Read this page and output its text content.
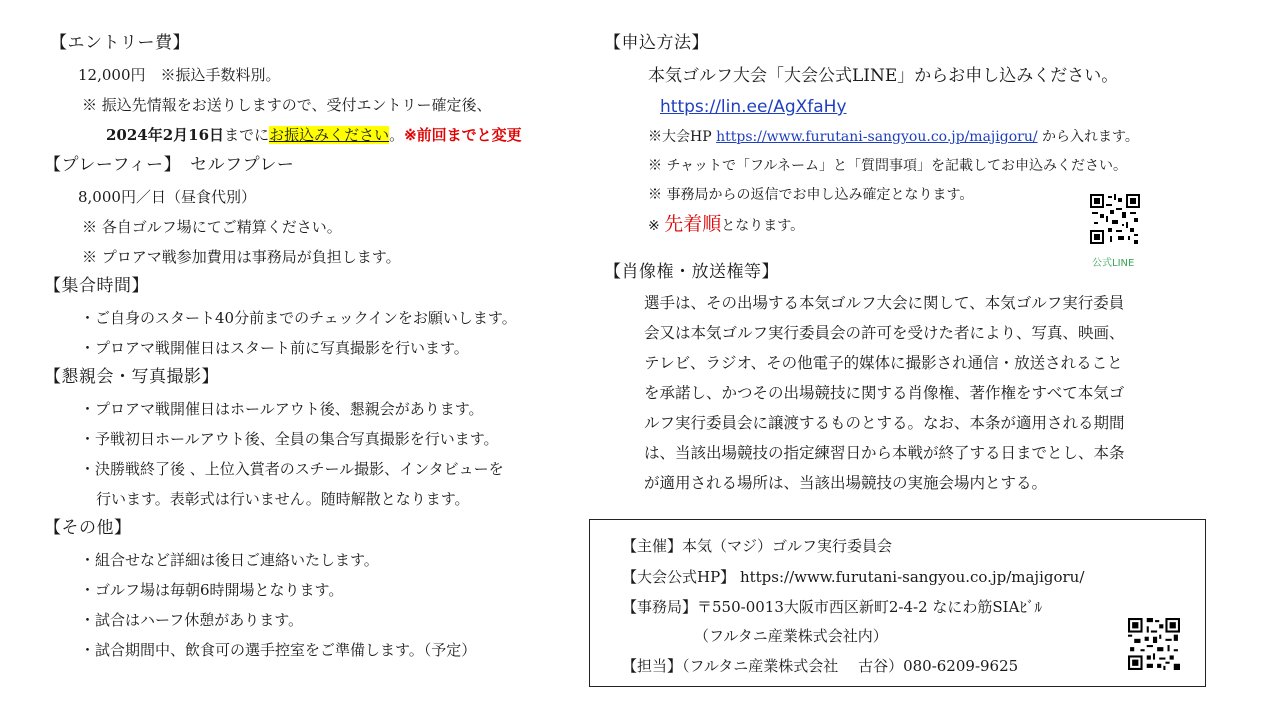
【エントリー費】
12,000円　※振込手数料別。
※ 振込先情報をお送りしますので、受付エントリー確定後、
2024年2月16日までにお振込みください。※前回までと変更
【プレーフィー】　セルフプレー
8,000円／日（昼食代別）
※ 各自ゴルフ場にてご精算ください。
※ プロアマ戦参加費用は事務局が負担します。
【集合時間】
・ご自身のスタート40分前までのチェックインをお願いします。
・プロアマ戦開催日はスタート前に写真撮影を行います。
【懇親会・写真撮影】
・プロアマ戦開催日はホールアウト後、懇親会があります。
・予戦初日ホールアウト後、全員の集合写真撮影を行います。
・決勝戦終了後 、上位入賞者のスチール撮影、インタビューを
行います。表彰式は行いません。随時解散となります。
【その他】
・組合せなど詳細は後日ご連絡いたします。
・ゴルフ場は毎朝6時開場となります。
・試合はハーフ休憩があります。
・試合期間中、飲食可の選手控室をご準備します。（予定）
【申込方法】
本気ゴルフ大会「大会公式LINE」からお申し込みください。
https://lin.ee/AgXfaHy
※大会HP https://www.furutani-sangyou.co.jp/majigoru/ から入れます。
※ チャットで「フルネーム」と「質問事項」を記載してお申込みください。
※ 事務局からの返信でお申し込み確定となります。
※ 先着順となります。
公式LINE
【肖像権・放送権等】
選手は、その出場する本気ゴルフ大会に関して、本気ゴルフ実行委員
会又は本気ゴルフ実行委員会の許可を受けた者により、写真、映画、
テレビ、ラジオ、その他電子的媒体に撮影され通信・放送されること
を承諾し、かつその出場競技に関する肖像権、著作権をすべて本気ゴ
ルフ実行委員会に譲渡するものとする。なお、本条が適用される期間
は、当該出場競技の指定練習日から本戦が終了する日までとし、本条
が適用される場所は、当該出場競技の実施会場内とする。
【主催】本気（マジ）ゴルフ実行委員会
【大会公式HP】 https://www.furutani-sangyou.co.jp/majigoru/
【事務局】〒550-0013大阪市西区新町2-4-2 なにわ筋SIAﾋﾞﾙ
（フルタニ産業株式会社内）
【担当】（フルタニ産業株式会社　 古谷）080-6209-9625
